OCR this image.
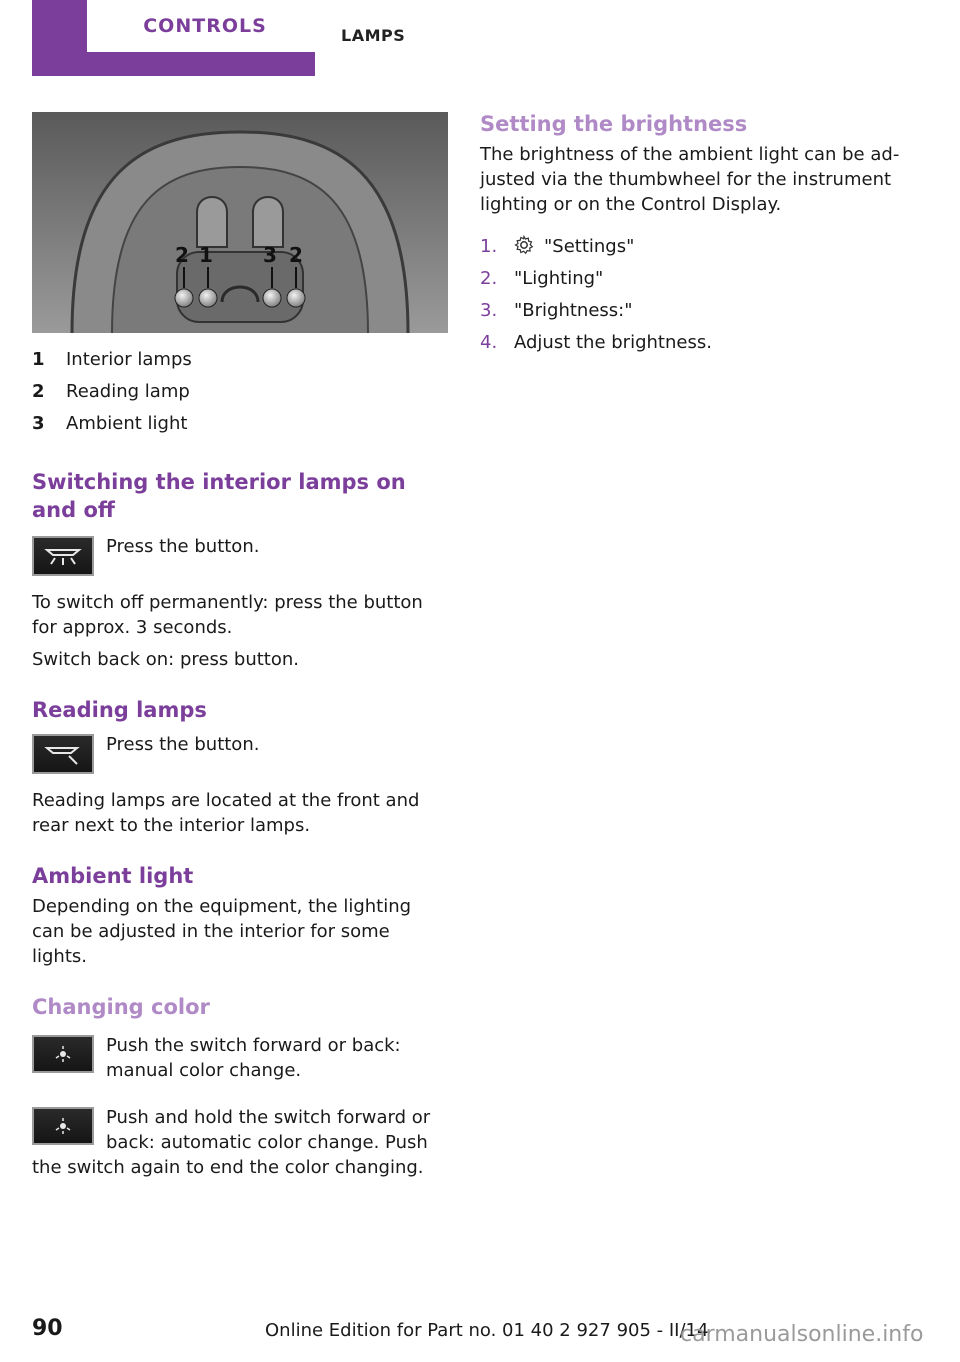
CONTROLS	LAMPS
2 1	3 2
1	Interior lamps
2	Reading lamp
3	Ambient light
Switching the interior lamps on and off

Press the button.

To switch off permanently: press the button for approx. 3 seconds.

Switch back on: press button.

Reading lamps

Press the button.

Reading lamps are located at the front and rear next to the interior lamps.

Ambient light

Depending on the equipment, the lighting can be adjusted in the interior for some lights.

Changing color

Push the switch forward or back: manual color change.

Push and hold the switch forward or back: automatic color change. Push

the switch again to end the color changing.

Setting the brightness

The brightness of the ambient light can be ad‐ justed via the thumbwheel for the instrument lighting or on the Control Display.

1.	"Settings"
2. "Lighting"
3. "Brightness:"
4. Adjust the brightness.
90	Online Edition for Part no. 01 40 2 927 905 - II/14
carmanualsonline.info
